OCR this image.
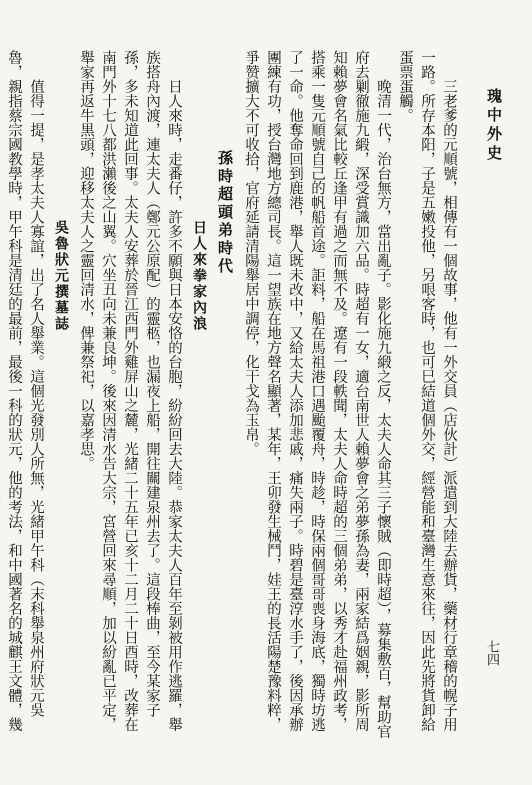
瑰中外史
七四

三老爹的元順號，相傳有一個故事，他有一外交員（店伙計）派遣到大陸去辦貨，藥材行章稽的幌子用一路。所存本阳，子是五嫩投他，另哏客時，也可巳結道個外交，經營能和臺灣生意來往，因此先將貨卸給蛋票蛋觸。

晚清一代，治台無方，當出亂子。影化施九緞之反，太夫人命其三子懷賊（即時超），募集敷百，幫助官府去剿徹施九緞，深受賞識加六品。時超有一女，適台南世人賴夢會之弟夢孫為妻，兩家結爲姻親，影所周知賴夢會名氣比較丘逢甲有過之而無不及。遼有一段軼聞，太夫人命時超的三個弟弟，以秀才赴福州政考，搭乘一隻元順號自己的帆船首途。詎料，船在馬祖港口遇颱覆舟，時趁，時保兩個哥哥喪身海底，獨時坊逃了一命。他奪命回到鹿港，舉人既未改中，又給太夫人添加悲戚，痛失兩子。時碧是臺淳水手了，後因承辦團練有功，授台灣地方總司長。這一望族在地方聲名顯著，某年，王卯發生械鬥，娃王的長活陽楚豫料粹，爭赞擴大不可收拾，官府延請清陽舉居中調停，化干戈為玉帛。

孫時超頭弟時代

日人來拳家內浪

日人來時，走番仔，許多不願與日本安恪的台胞，紛紛回去大陸。恭家太夫人百年至剝被用作逃羅，舉族搭舟內渡，連太夫人（鄭元公原配）的靈柩，也漏夜上船，開往關建泉州去了。這段棒曲，至今某家子孫，多未知道此回事。太夫人安葬於晉江西門外雞屏山之麓，光緒二十五年已亥十二月二十日酉時，改葬在南門外十七八都洪瀨後之山翼。穴坐丑向未兼良坤。後來因清水告大宗，宮營回來尋順，加以紛亂已平定，舉家再返牛黒頭，迎移太夫人之靈回清水，俾兼祭祀，以嘉孝思。

吳魯狀元撰墓誌

值得一提，是孝太夫人寡誼，出了名人舉業。這個光發別人所無，光緒甲午科（末科舉泉州府狀元吳魯，親指蔡宗國教學時，甲午科是清廷的最前，最後一科的狀元，他的考法，和中國著名的城麒王文體，幾
